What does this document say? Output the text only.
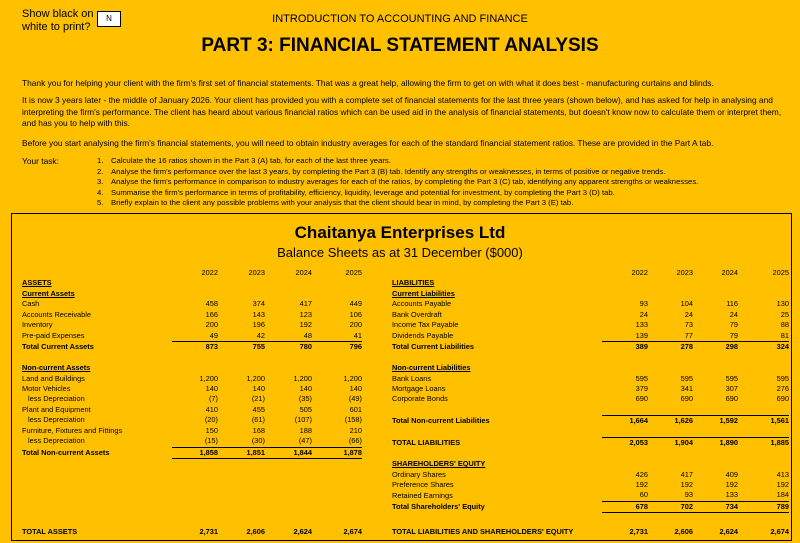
Show black on white to print?
N	INTRODUCTION TO ACCOUNTING AND FINANCE
PART 3: FINANCIAL STATEMENT ANALYSIS
Thank you for helping your client with the firm's first set of financial statements. That was a great help, allowing the firm to get on with what it does best - manufacturing curtains and blinds.
It is now 3 years later - the middle of January 2026. Your client has provided you with a complete set of financial statements for the last three years (shown below), and has asked for help in analysing and interpreting the firm's performance. The client has heard about various financial ratios which can be used aid in the analysis of financial statements, but doesn't know now to calculate them or interpret them, and has you to help with this.
Before you start analysing the firm's financial statements, you will need to obtain industry averages for each of the standard financial statement ratios. These are provided in the Part A tab.
Your task:	1. Calculate the 16 ratios shown in the Part 3 (A) tab, for each of the last three years.
2. Analyse the firm's performance over the last 3 years, by completing the Part 3 (B) tab. Identify any strengths or weaknesses, in terms of positive or negative trends.
3. Analyse the firm's performance in comparison to industry averages for each of the ratios, by completing the Part 3 (C) tab, identifying any apparent strengths or weaknesses.
4. Summarise the firm's performance in terms of profitability, efficiency, liquidity, leverage and potential for investment, by completing the Part 3 (D) tab.
5. Briefly explain to the client any possible problems with your analysis that the client should bear in mind, by completing the Part 3 (E) tab.
Chaitanya Enterprises Ltd
Balance Sheets as at 31 December ($000)
	2022	2023	2024	2025
ASSETS				
Current Assets				
Cash	458	374	417	449
Accounts Receivable	166	143	123	106
Inventory	200	196	192	200
Pre-paid Expenses	49	42	48	41
Total Current Assets	873	755	780	796

Non-current Assets				
Land and Buildings	1,200	1,200	1,200	1,200
Motor Vehicles	140	140	140	140
less Depreciation	(7)	(21)	(35)	(49)
Plant and Equipment	410	455	505	601
less Depreciation	(20)	(61)	(107)	(158)
Furniture, Fixtures and Fittings	150	168	188	210
less Depreciation	(15)	(30)	(47)	(66)
Total Non-current Assets	1,858	1,851	1,844	1,878
	2022	2023	2024	2025
LIABILITIES				
Current Liabilities				
Accounts Payable	93	104	116	130
Bank Overdraft	24	24	24	25
Income Tax Payable	133	73	79	88
Dividends Payable	139	77	79	81
Total Current Liabilities	389	278	298	324

Non-current Liabilities				
Bank Loans	595	595	595	595
Mortgage Loans	379	341	307	276
Corporate Bonds	690	690	690	690

Total Non-current Liabilities	1,664	1,626	1,592	1,561

TOTAL LIABILITIES	2,053	1,904	1,890	1,885

SHAREHOLDERS' EQUITY				
Ordinary Shares	426	417	409	413
Preference Shares	192	192	192	192
Retained Earnings	60	93	133	184
Total Shareholders' Equity	678	702	734	789
TOTAL ASSETS	2,731	2,606	2,624	2,674	TOTAL LIABILITIES AND SHAREHOLDERS' EQUITY	2,731	2,606	2,624	2,674
